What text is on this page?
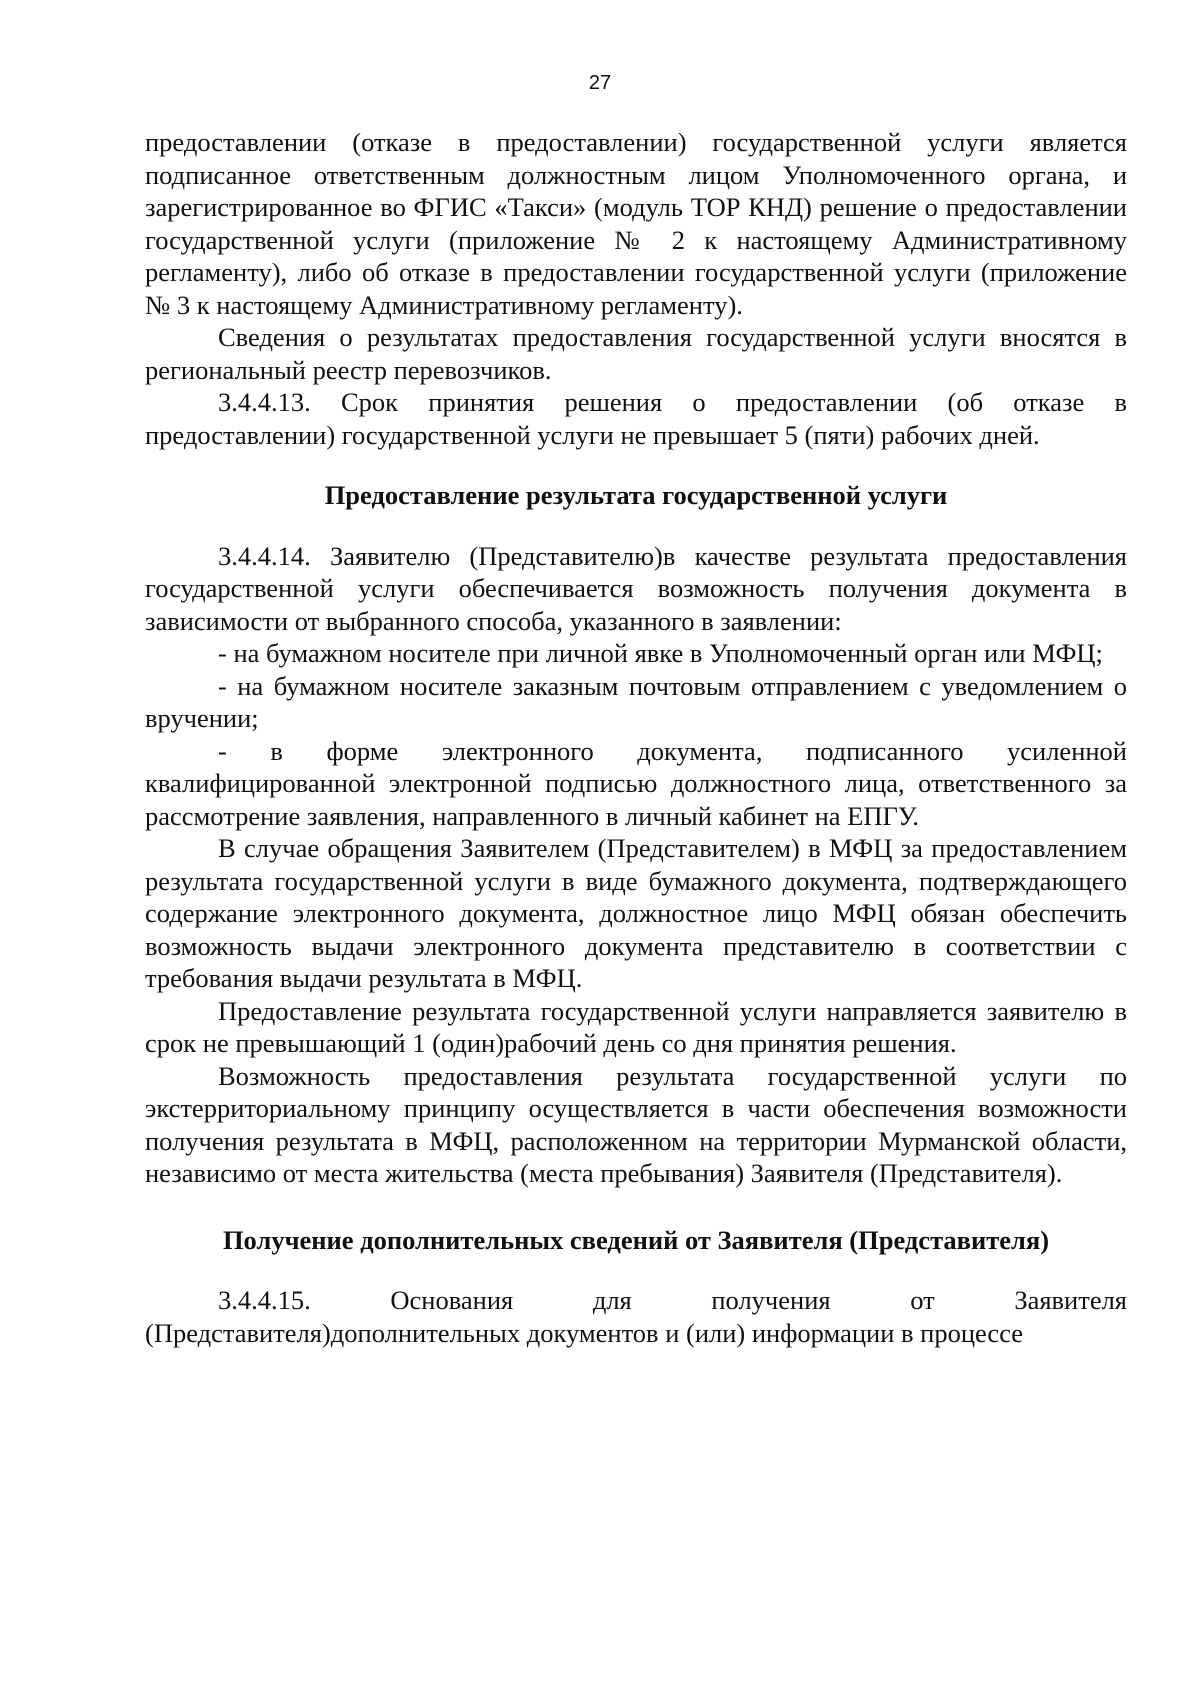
27

предоставлении (отказе в предоставлении) государственной услуги является подписанное ответственным должностным лицом Уполномоченного органа, и зарегистрированное во ФГИС «Такси» (модуль ТОР КНД) решение о предоставлении государственной услуги (приложение № 2 к настоящему Административному регламенту), либо об отказе в предоставлении государственной услуги (приложение № 3 к настоящему Административному регламенту).

Сведения о результатах предоставления государственной услуги вносятся в региональный реестр перевозчиков.

3.4.4.13. Срок принятия решения о предоставлении (об отказе в предоставлении) государственной услуги не превышает 5 (пяти) рабочих дней.

Предоставление результата государственной услуги

3.4.4.14. Заявителю (Представителю)в качестве результата предоставления государственной услуги обеспечивается возможность получения документа в зависимости от выбранного способа, указанного в заявлении:

- на бумажном носителе при личной явке в Уполномоченный орган или МФЦ;

- на бумажном носителе заказным почтовым отправлением с уведомлением о вручении;

- в форме электронного документа, подписанного усиленной квалифицированной электронной подписью должностного лица, ответственного за рассмотрение заявления, направленного в личный кабинет на ЕПГУ.

В случае обращения Заявителем (Представителем) в МФЦ за предоставлением результата государственной услуги в виде бумажного документа, подтверждающего содержание электронного документа, должностное лицо МФЦ обязан обеспечить возможность выдачи электронного документа представителю в соответствии с требования выдачи результата в МФЦ.

Предоставление результата государственной услуги направляется заявителю в срок не превышающий 1 (один)рабочий день со дня принятия решения.

Возможность предоставления результата государственной услуги по экстерриториальному принципу осуществляется в части обеспечения возможности получения результата в МФЦ, расположенном на территории Мурманской области, независимо от места жительства (места пребывания) Заявителя (Представителя).

Получение дополнительных сведений от Заявителя (Представителя)

3.4.4.15. Основания для получения от Заявителя (Представителя)дополнительных документов и (или) информации в процессе
